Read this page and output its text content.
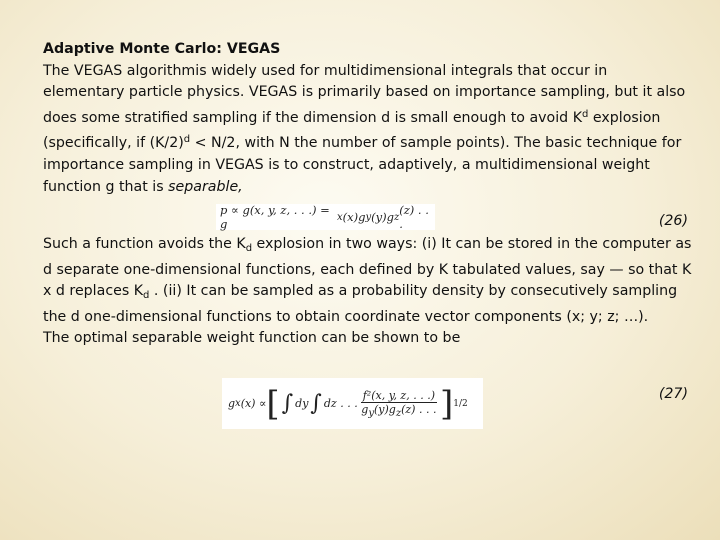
Adaptive Monte Carlo: VEGAS
The VEGAS algorithmis widely used for multidimensional integrals that occur in elementary particle physics. VEGAS is primarily based on importance sampling, but it also does some stratified sampling if the dimension d is small enough to avoid $K^d$ explosion (specifically, if $(K/2)^d < N/2$, with N the number of sample points). The basic technique for importance sampling in VEGAS is to construct, adaptively, a multidimensional weight function g that is separable,
p ∝ g(x, y, z, . . .) = g	x (x)g y (y)g z (z) . . .	(26)
Such a function avoids the $K_d$ explosion in two ways: (i) It can be stored in the computer as d separate one-dimensional functions, each defined by K tabulated values, say — so that K x d replaces $K_d$ . (ii) It can be sampled as a probability density by consecutively sampling the d one-dimensional functions to obtain coordinate vector components (x; y; z; …).
The optimal separable weight function can be shown to be
g x (x) ∝ [ ∫ dy ∫ dz . . . $\frac{\text{f²(x, y, z, . . .)}}{gy(y)gz(z) . . .}$ ] 1/2
(27)
